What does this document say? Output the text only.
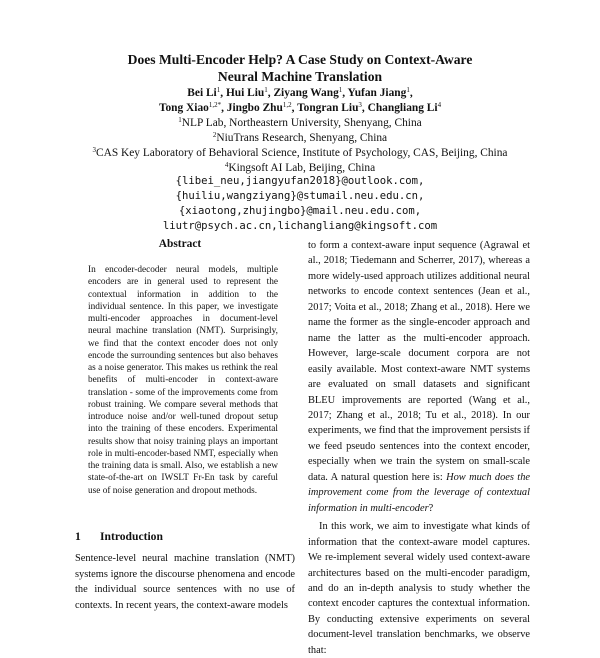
Does Multi-Encoder Help? A Case Study on Context-Aware
Neural Machine Translation
Bei Li$^1$, Hui Liu$^1$, Ziyang Wang$^1$, Yufan Jiang$^1$,
Tong Xiao$^{1,2*}$, Jingbo Zhu$^{1,2}$, Tongran Liu$^3$, Changliang Li$^4$
$^1$NLP Lab, Northeastern University, Shenyang, China
$^2$NiuTrans Research, Shenyang, China
$^3$CAS Key Laboratory of Behavioral Science, Institute of Psychology, CAS, Beijing, China
$^4$Kingsoft AI Lab, Beijing, China
{libei_neu,jiangyufan2018}@outlook.com,
{huiliu,wangziyang}@stumail.neu.edu.cn,
{xiaotong,zhujingbo}@mail.neu.edu.com,
liutr@psych.ac.cn,lichangliang@kingsoft.com
Abstract
In encoder-decoder neural models, multiple encoders are in general used to represent the contextual information in addition to the individual sentence. In this paper, we investigate multi-encoder approaches in document-level neural machine translation (NMT). Surprisingly, we find that the context encoder does not only encode the surrounding sentences but also behaves as a noise generator. This makes us rethink the real benefits of multi-encoder in context-aware translation - some of the improvements come from robust training. We compare several methods that introduce noise and/or well-tuned dropout setup into the training of these encoders. Experimental results show that noisy training plays an important role in multi-encoder-based NMT, especially when the training data is small. Also, we establish a new state-of-the-art on IWSLT Fr-En task by careful use of noise generation and dropout methods.
1 Introduction
Sentence-level neural machine translation (NMT) systems ignore the discourse phenomena and encode the individual source sentences with no use of contexts. In recent years, the context-aware models

to form a context-aware input sequence (Agrawal et al., 2018; Tiedemann and Scherrer, 2017), whereas a more widely-used approach utilizes additional neural networks to encode context sentences (Jean et al., 2017; Voita et al., 2018; Zhang et al., 2018). Here we name the former as the single-encoder approach and name the latter as the multi-encoder approach. However, large-scale document corpora are not easily available. Most context-aware NMT systems are evaluated on small datasets and significant BLEU improvements are reported (Wang et al., 2017; Zhang et al., 2018; Tu et al., 2018). In our experiments, we find that the improvement persists if we feed pseudo sentences into the context encoder, especially when we train the system on small-scale data. A natural question here is: How much does the improvement come from the leverage of contextual information in multi-encoder?

In this work, we aim to investigate what kinds of information that the context-aware model captures. We re-implement several widely used context-aware architectures based on the multi-encoder paradigm, and do an in-depth analysis to study whether the context encoder captures the contextual information. By conducting extensive experiments on several document-level translation benchmarks, we observe that:
